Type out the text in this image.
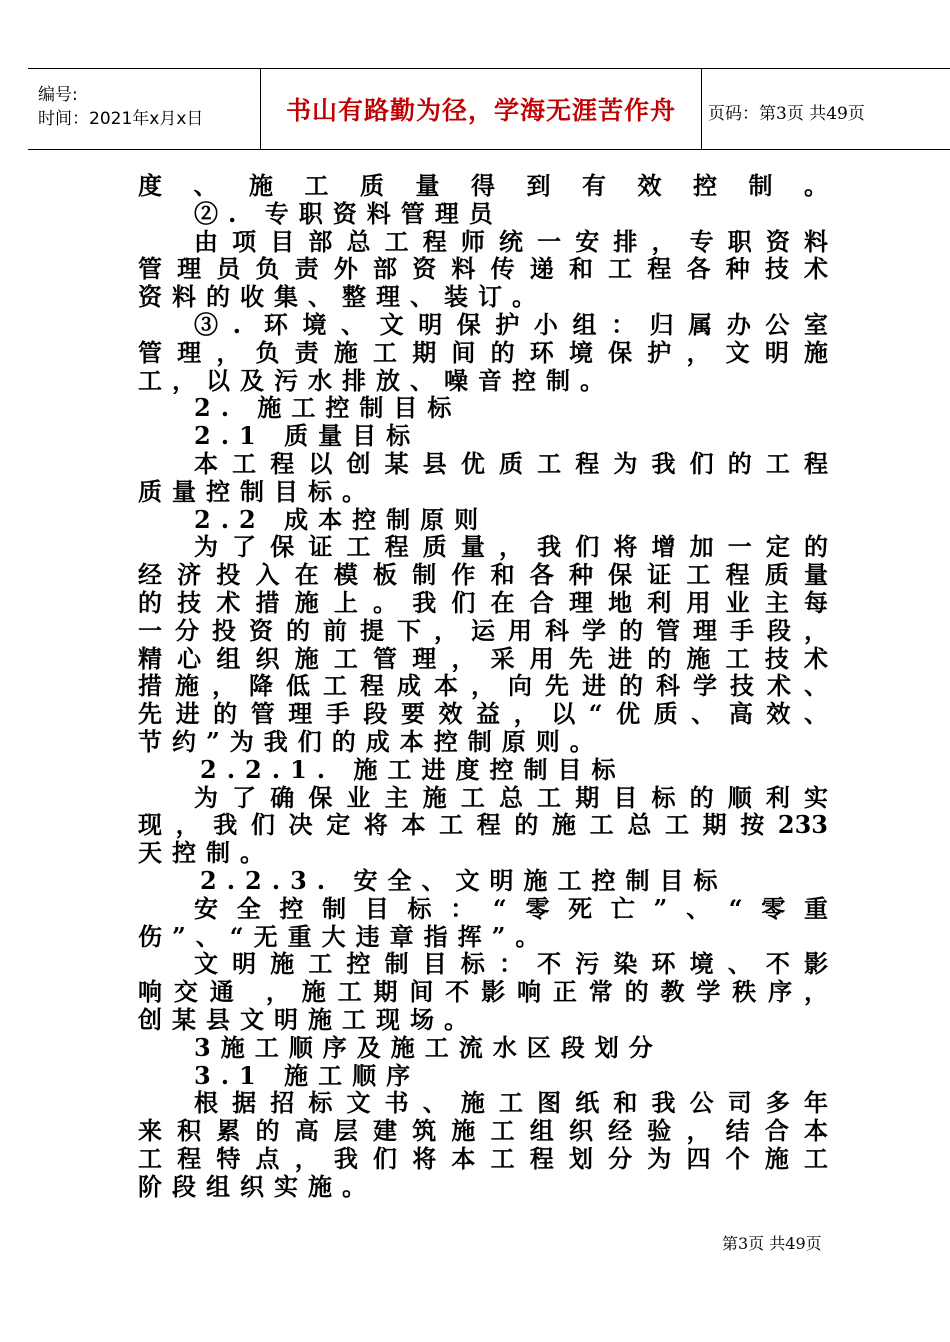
编号:
时间：2021年x月x日	书山有路勤为径，学海无涯苦作舟	页码：第3页 共49页
度、施工质量得到有效控制。
②. 专职资料管理员
由项目部总工程师统一安排，专职资料
管理员负责外部资料传递和工程各种技术
资料的收集、整理、装订。
③. 环境、文明保护小组：归属办公室
管理，负责施工期间的环境保护，文明施
工，以及污水排放、噪音控制。
2. 施工控制目标
2.1 质量目标
本工程以创某县优质工程为我们的工程
质量控制目标。
2.2 成本控制原则
为了保证工程质量，我们将增加一定的
经济投入在模板制作和各种保证工程质量
的技术措施上。我们在合理地利用业主每
一分投资的前提下，运用科学的管理手段，
精心组织施工管理，采用先进的施工技术
措施，降低工程成本，向先进的科学技术、
先进的管理手段要效益，以“优质、高效、
节约”为我们的成本控制原则。
2.2.1. 施工进度控制目标
为了确保业主施工总工期目标的顺利实
现，我们决定将本工程的施工总工期按233
天控制。
2.2.3. 安全、文明施工控制目标
安全控制目标：“零死亡”、“零重
伤”、“无重大违章指挥”。
文明施工控制目标：不污染环境、不影
响交通 ，施工期间不影响正常的教学秩序，
创某县文明施工现场。
3施工顺序及施工流水区段划分
3.1 施工顺序
根据招标文书、施工图纸和我公司多年
来积累的高层建筑施工组织经验，结合本
工程特点，我们将本工程划分为四个施工
阶段组织实施。
第3页 共49页
